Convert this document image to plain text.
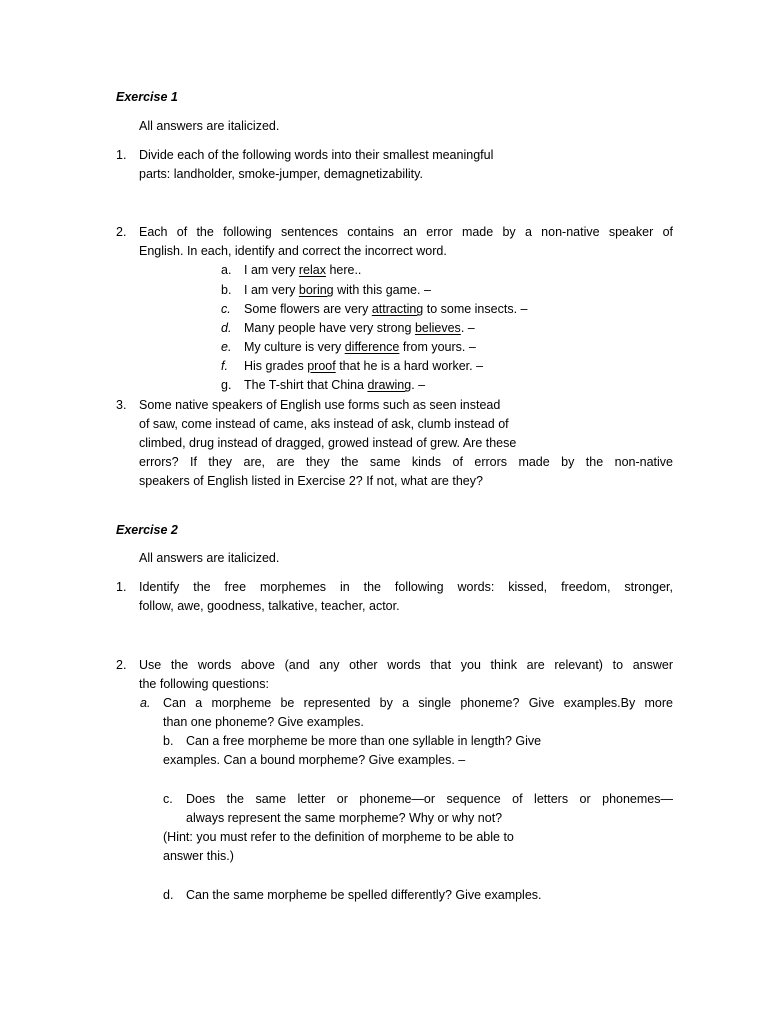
Exercise 1
All answers are italicized.
1. Divide each of the following words into their smallest meaningful
parts: landholder, smoke-jumper, demagnetizability.
2. Each of the following sentences contains an error made by a non-native speaker of
English. In each, identify and correct the incorrect word.
a. I am very relax here..
b. I am very boring with this game. –
c. Some flowers are very attracting to some insects. –
d. Many people have very strong believes. –
e. My culture is very difference from yours. –
f. His grades proof that he is a hard worker. –
g. The T-shirt that China drawing. –
3. Some native speakers of English use forms such as seen instead
of saw, come instead of came, aks instead of ask, clumb instead of
climbed, drug instead of dragged, growed instead of grew. Are these
errors? If they are, are they the same kinds of errors made by the non-native
speakers of English listed in Exercise 2? If not, what are they?
Exercise 2
All answers are italicized.
1. Identify the free morphemes in the following words: kissed, freedom, stronger,
follow, awe, goodness, talkative, teacher, actor.
2. Use the words above (and any other words that you think are relevant) to answer
the following questions:
a. Can a morpheme be represented by a single phoneme? Give examples.By more
than one phoneme? Give examples.
b. Can a free morpheme be more than one syllable in length? Give
examples. Can a bound morpheme? Give examples. –
c. Does the same letter or phoneme—or sequence of letters or phonemes—
always represent the same morpheme? Why or why not?
(Hint: you must refer to the definition of morpheme to be able to
answer this.)
d. Can the same morpheme be spelled differently? Give examples.
